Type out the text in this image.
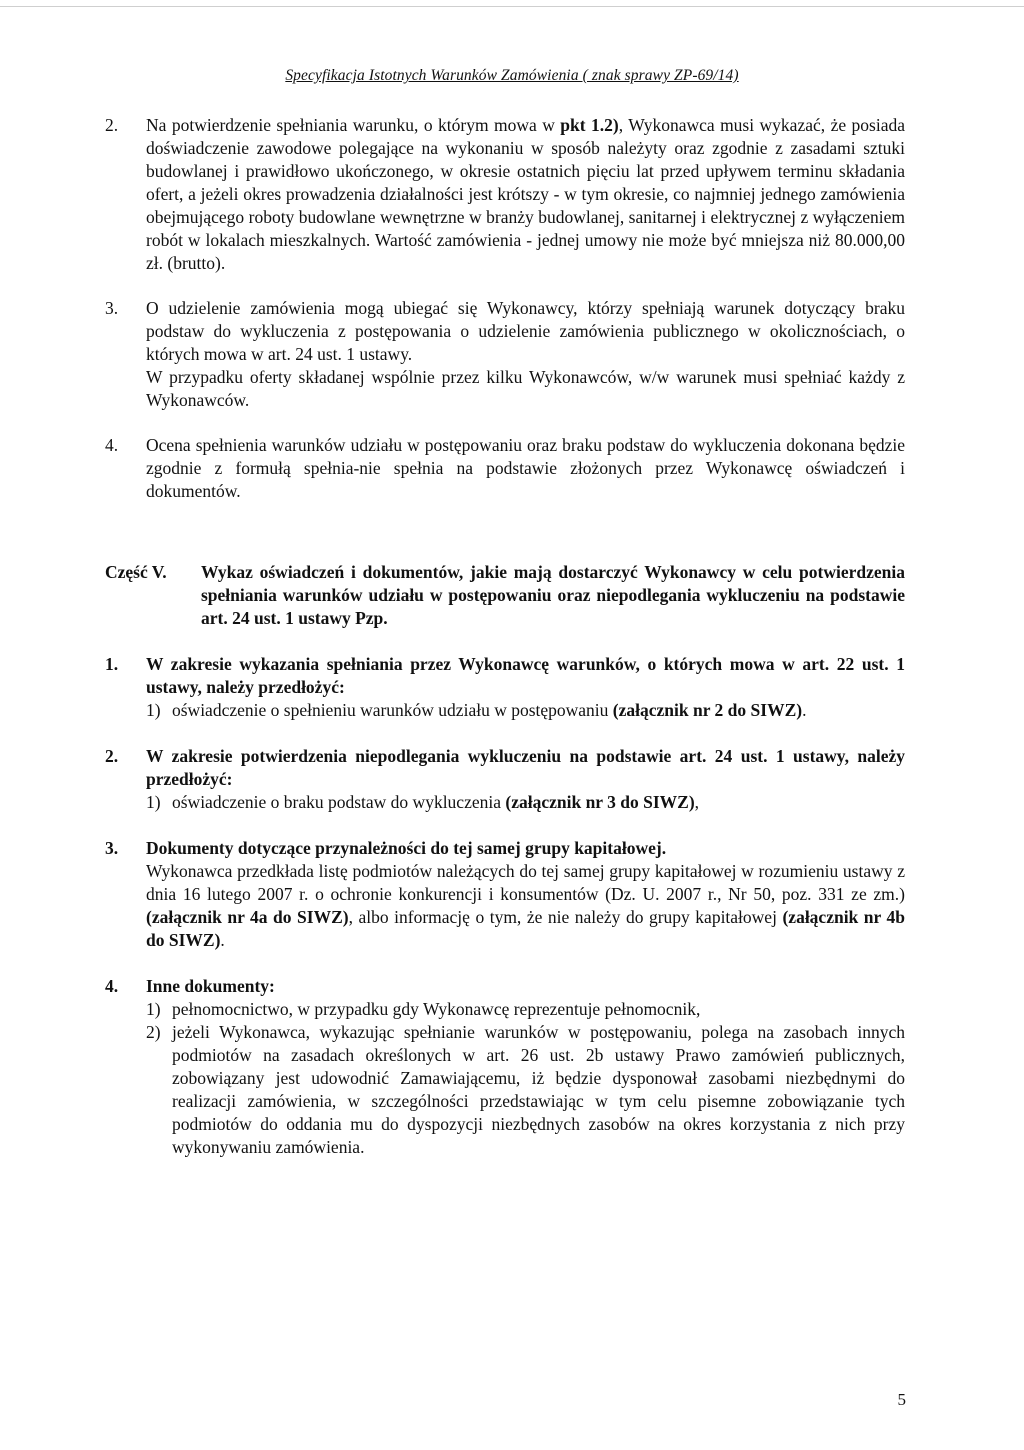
Specyfikacja Istotnych Warunków Zamówienia ( znak sprawy ZP-69/14)
2.	Na potwierdzenie spełniania warunku, o którym mowa w pkt 1.2), Wykonawca musi wykazać, że posiada doświadczenie zawodowe polegające na wykonaniu w sposób należyty oraz zgodnie z zasadami sztuki budowlanej i prawidłowo ukończonego, w okresie ostatnich pięciu lat przed upływem terminu składania ofert, a jeżeli okres prowadzenia działalności jest krótszy - w tym okresie, co najmniej jednego zamówienia obejmującego roboty budowlane wewnętrzne w branży budowlanej, sanitarnej i elektrycznej z wyłączeniem robót w lokalach mieszkalnych. Wartość zamówienia - jednej umowy nie może być mniejsza niż 80.000,00 zł. (brutto).

3.	O udzielenie zamówienia mogą ubiegać się Wykonawcy, którzy spełniają warunek dotyczący braku podstaw do wykluczenia z postępowania o udzielenie zamówienia publicznego w okolicznościach, o których mowa w art. 24 ust. 1 ustawy.

W przypadku oferty składanej wspólnie przez kilku Wykonawców, w/w warunek musi spełniać każdy z Wykonawców.

4.	Ocena spełnienia warunków udziału w postępowaniu oraz braku podstaw do wykluczenia dokonana będzie zgodnie z formułą spełnia-nie spełnia na podstawie złożonych przez Wykonawcę oświadczeń i dokumentów.

Część V.	Wykaz oświadczeń i dokumentów, jakie mają dostarczyć Wykonawcy w celu potwierdzenia spełniania warunków udziału w postępowaniu oraz niepodlegania wykluczeniu na podstawie art. 24 ust. 1 ustawy Pzp.
1.	W zakresie wykazania spełniania przez Wykonawcę warunków, o których mowa w art. 22 ust. 1 ustawy, należy przedłożyć:

1) oświadczenie o spełnieniu warunków udziału w postępowaniu (załącznik nr 2 do SIWZ).
2.	W zakresie potwierdzenia niepodlegania wykluczeniu na podstawie art. 24 ust. 1 ustawy, należy przedłożyć:

1) oświadczenie o braku podstaw do wykluczenia (załącznik nr 3 do SIWZ),
3.	Dokumenty dotyczące przynależności do tej samej grupy kapitałowej.

Wykonawca przedkłada listę podmiotów należących do tej samej grupy kapitałowej w rozumieniu ustawy z dnia 16 lutego 2007 r. o ochronie konkurencji i konsumentów (Dz. U. 2007 r., Nr 50, poz. 331 ze zm.) (załącznik nr 4a do SIWZ), albo informację o tym, że nie należy do grupy kapitałowej (załącznik nr 4b do SIWZ).

4.	Inne dokumenty:

1) pełnomocnictwo, w przypadku gdy Wykonawcę reprezentuje pełnomocnik,
2) jeżeli Wykonawca, wykazując spełnianie warunków w postępowaniu, polega na zasobach innych podmiotów na zasadach określonych w art. 26 ust. 2b ustawy Prawo zamówień publicznych, zobowiązany jest udowodnić Zamawiającemu, iż będzie dysponował zasobami niezbędnymi do realizacji zamówienia, w szczególności przedstawiając w tym celu pisemne zobowiązanie tych podmiotów do oddania mu do dyspozycji niezbędnych zasobów na okres korzystania z nich przy wykonywaniu zamówienia.
5
